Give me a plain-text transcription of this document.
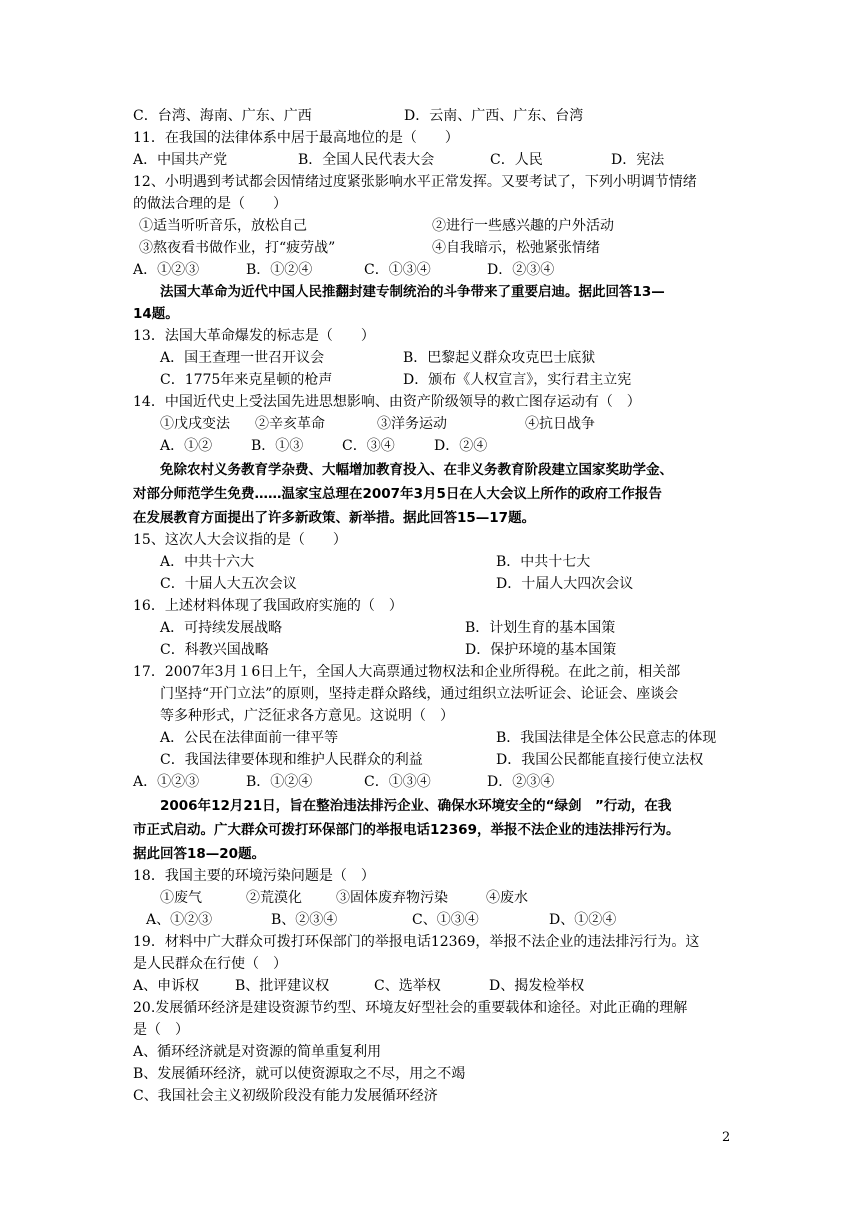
C．台湾、海南、广东、广西	D．云南、广西、广东、台湾
11．在我国的法律体系中居于最高地位的是（　　）
A．中国共产党	B．全国人民代表大会	C．人民	D．宪法
12、小明遇到考试都会因情绪过度紧张影响水平正常发挥。又要考试了，下列小明调节情绪
的做法合理的是（　　）
①适当听听音乐，放松自己	②进行一些感兴趣的户外活动
③熬夜看书做作业，打“疲劳战”	④自我暗示，松弛紧张情绪
A．①②③	B．①②④	C．①③④	D．②③④
法国大革命为近代中国人民推翻封建专制统治的斗争带来了重要启迪。据此回答13—
14题。
13．法国大革命爆发的标志是（　　）
A．国王查理一世召开议会	B．巴黎起义群众攻克巴士底狱
C．1775年来克星顿的枪声	D．颁布《人权宣言》，实行君主立宪
14．中国近代史上受法国先进思想影响、由资产阶级领导的救亡图存运动有（　）
①戊戌变法 ②辛亥革命	③洋务运动	④抗日战争
A．①②	B．①③	C．③④	D．②④
免除农村义务教育学杂费、大幅增加教育投入、在非义务教育阶段建立国家奖助学金、
对部分师范学生免费……温家宝总理在2007年3月5日在人大会议上所作的政府工作报告
在发展教育方面提出了许多新政策、新举措。据此回答15—17题。
15、这次人大会议指的是（　　）
A．中共十六大	B．中共十七大
C．十届人大五次会议	D．十届人大四次会议
16．上述材料体现了我国政府实施的（　）
A．可持续发展战略	B．计划生育的基本国策
C．科教兴国战略	D．保护环境的基本国策
17．2007年3月１6日上午，全国人大高票通过物权法和企业所得税。在此之前，相关部
门坚持“开门立法”的原则，坚持走群众路线，通过组织立法听证会、论证会、座谈会
等多种形式，广泛征求各方意见。这说明（　）
A．公民在法律面前一律平等	B．我国法律是全体公民意志的体现
C．我国法律要体现和维护人民群众的利益	D．我国公民都能直接行使立法权
A．①②③	B．①②④	C．①③④	D．②③④
2006年12月21日，旨在整治违法排污企业、确保水环境安全的“绿剑　”行动，在我
市正式启动。广大群众可拨打环保部门的举报电话12369，举报不法企业的违法排污行为。
据此回答18—20题。
18．我国主要的环境污染问题是（　）
①废气	②荒漠化 ③固体废弃物污染	④废水
A、①②③	B、②③④	C、①③④	D、①②④
19．材料中广大群众可拨打环保部门的举报电话12369，举报不法企业的违法排污行为。这
是人民群众在行使（　）
A、申诉权	B、批评建议权	C、选举权	D、揭发检举权
20.发展循环经济是建设资源节约型、环境友好型社会的重要载体和途径。对此正确的理解
是（　）
A、循环经济就是对资源的简单重复利用
B、发展循环经济，就可以使资源取之不尽，用之不竭
C、我国社会主义初级阶段没有能力发展循环经济
2
